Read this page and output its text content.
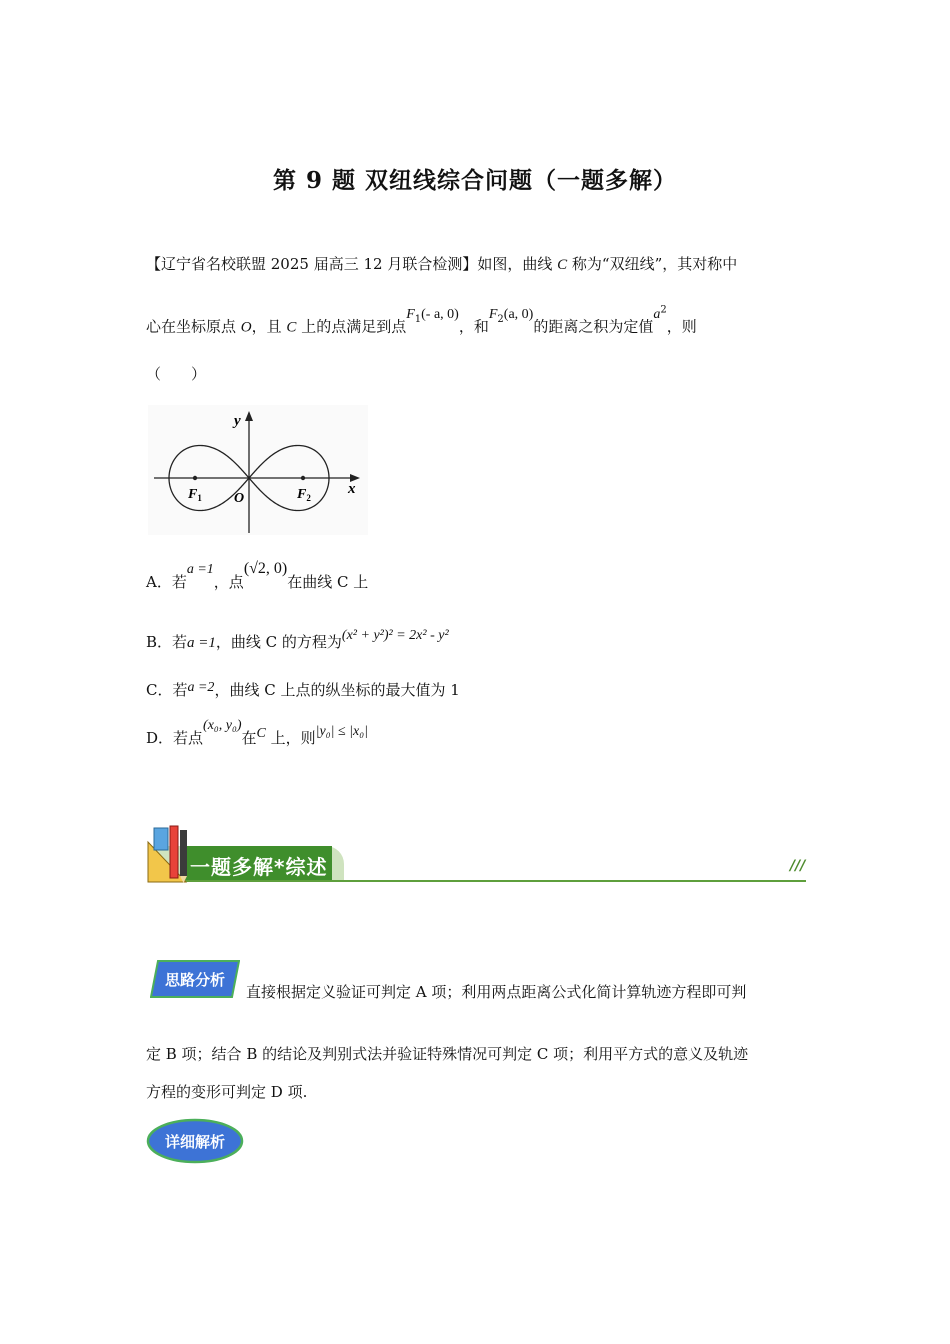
第 9 题 双纽线综合问题（一题多解）
【辽宁省名校联盟 2025 届高三 12 月联合检测】如图，曲线 C 称为“双纽线”，其对称中
心在坐标原点 O，且 C 上的点满足到点$F_1(-$ a, 0)，和$F_2(a$, 0)的距离之积为定值$a^2$，则
（　　）
y
x
O
$F_1$	$F_2$
A．若a =1，点(√2, 0)在曲线 C 上
B．若a =1，曲线 C 的方程为(x² + y²)² = 2x² - y²
C．若a =2，曲线 C 上点的纵坐标的最大值为 1
D．若点(x₀, y₀)在C 上，则|y₀| ≤ |x₀|
一题多解*综述	///
思路分析
直接根据定义验证可判定 A 项；利用两点距离公式化简计算轨迹方程即可判
定 B 项；结合 B 的结论及判别式法并验证特殊情况可判定 C 项；利用平方式的意义及轨迹
方程的变形可判定 D 项.
详细解析
